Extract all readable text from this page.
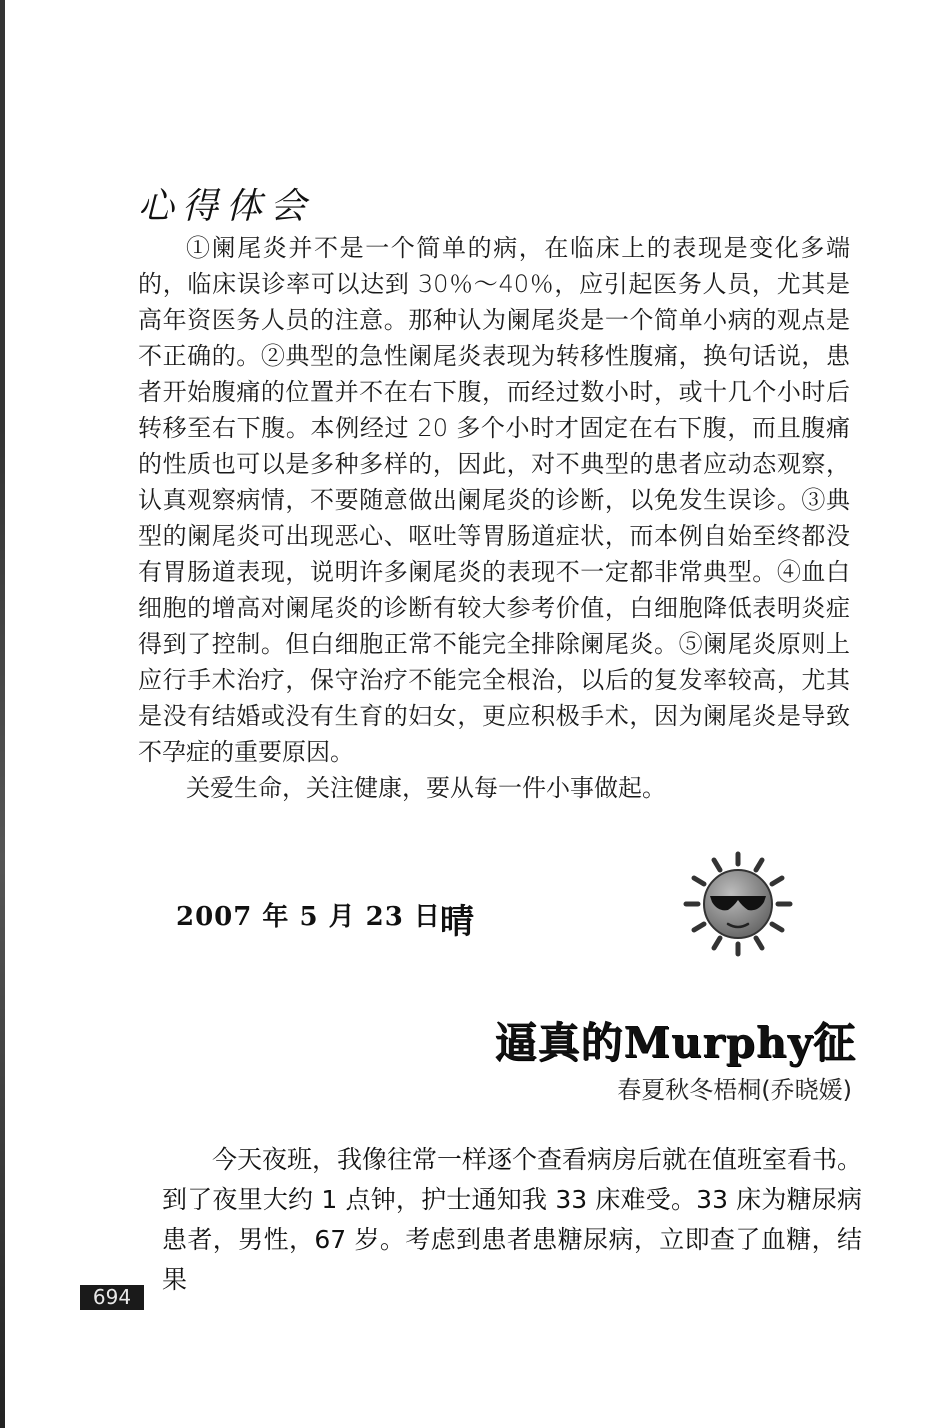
心得体会

①阑尾炎并不是一个简单的病，在临床上的表现是变化多端的，临床误诊率可以达到 30％～40％，应引起医务人员，尤其是高年资医务人员的注意。那种认为阑尾炎是一个简单小病的观点是不正确的。②典型的急性阑尾炎表现为转移性腹痛，换句话说，患者开始腹痛的位置并不在右下腹，而经过数小时，或十几个小时后转移至右下腹。本例经过 20 多个小时才固定在右下腹，而且腹痛的性质也可以是多种多样的，因此，对不典型的患者应动态观察，认真观察病情，不要随意做出阑尾炎的诊断，以免发生误诊。③典型的阑尾炎可出现恶心、呕吐等胃肠道症状，而本例自始至终都没有胃肠道表现，说明许多阑尾炎的表现不一定都非常典型。④血白细胞的增高对阑尾炎的诊断有较大参考价值，白细胞降低表明炎症得到了控制。但白细胞正常不能完全排除阑尾炎。⑤阑尾炎原则上应行手术治疗，保守治疗不能完全根治，以后的复发率较高，尤其是没有结婚或没有生育的妇女，更应积极手术，因为阑尾炎是导致不孕症的重要原因。

关爱生命，关注健康，要从每一件小事做起。

2007 年 5 月 23 日 晴
逼真的Murphy征
春夏秋冬梧桐(乔晓媛)

今天夜班，我像往常一样逐个查看病房后就在值班室看书。到了夜里大约 1 点钟，护士通知我 33 床难受。33 床为糖尿病患者，男性，67 岁。考虑到患者患糖尿病，立即查了血糖，结果

694
